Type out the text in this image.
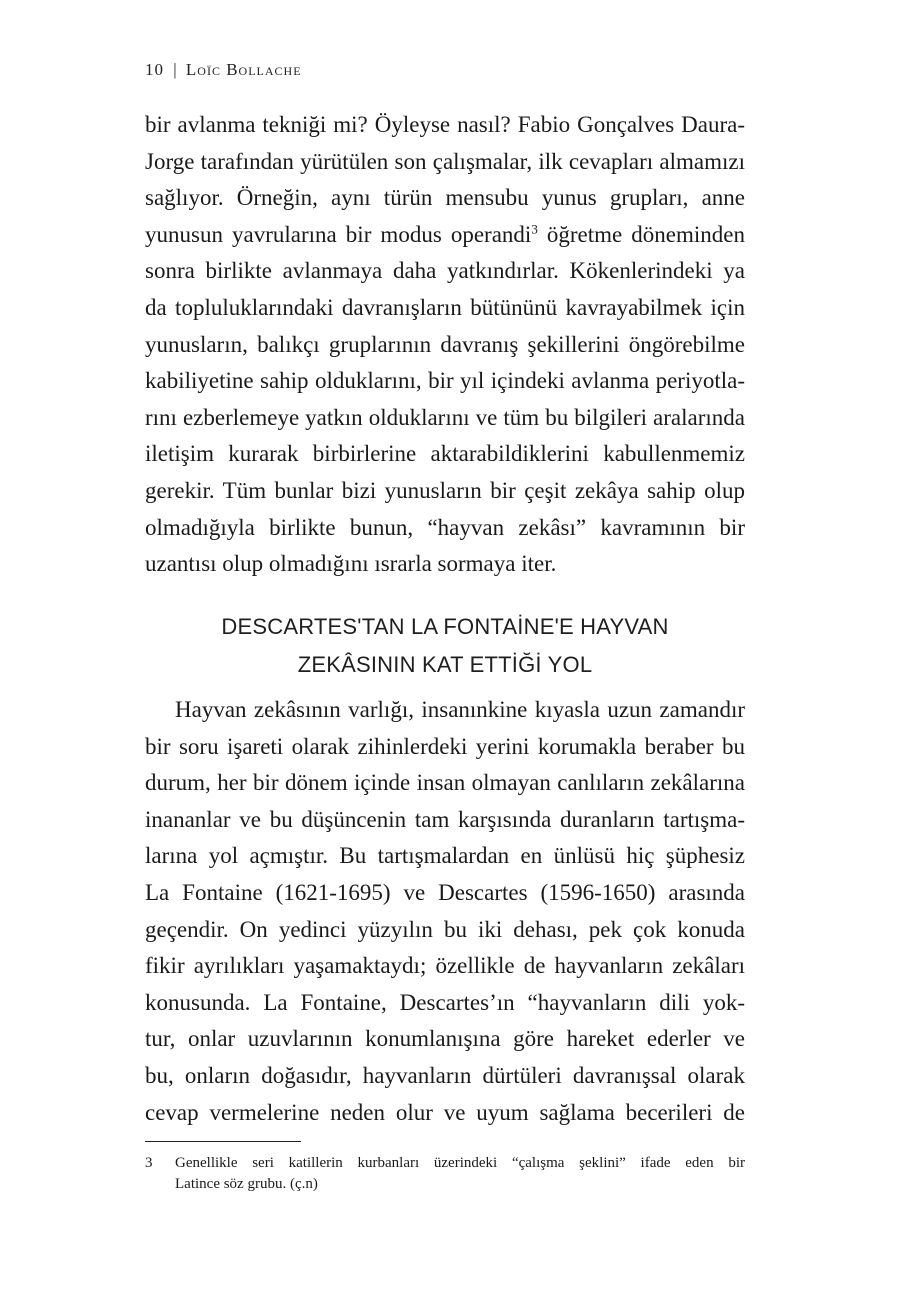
10 | Loïc Bollache
bir avlanma tekniği mi? Öyleyse nasıl? Fabio Gonçalves Daura-
Jorge tarafından yürütülen son çalışmalar, ilk cevapları almamızı
sağlıyor. Örneğin, aynı türün mensubu yunus grupları, anne
yunusun yavrularına bir modus operandi$^3$ öğretme döneminden
sonra birlikte avlanmaya daha yatkındırlar. Kökenlerindeki ya
da topluluklarındaki davranışların bütününü kavrayabilmek için
yunusların, balıkçı gruplarının davranış şekillerini öngörebilme
kabiliyetine sahip olduklarını, bir yıl içindeki avlanma periyotla-
rını ezberlemeye yatkın olduklarını ve tüm bu bilgileri aralarında
iletişim kurarak birbirlerine aktarabildiklerini kabullenmemiz
gerekir. Tüm bunlar bizi yunusların bir çeşit zekâya sahip olup
olmadığıyla birlikte bunun, “hayvan zekâsı” kavramının bir
uzantısı olup olmadığını ısrarla sormaya iter.
DESCARTES'TAN LA FONTAİNE'E HAYVAN
ZEKÂSININ KAT ETTİĞİ YOL
Hayvan zekâsının varlığı, insanınkine kıyasla uzun zamandır
bir soru işareti olarak zihinlerdeki yerini korumakla beraber bu
durum, her bir dönem içinde insan olmayan canlıların zekâlarına
inananlar ve bu düşüncenin tam karşısında duranların tartışma-
larına yol açmıştır. Bu tartışmalardan en ünlüsü hiç şüphesiz
La Fontaine (1621-1695) ve Descartes (1596-1650) arasında
geçendir. On yedinci yüzyılın bu iki dehası, pek çok konuda
fikir ayrılıkları yaşamaktaydı; özellikle de hayvanların zekâları
konusunda. La Fontaine, Descartes’ın “hayvanların dili yok-
tur, onlar uzuvlarının konumlanışına göre hareket ederler ve
bu, onların doğasıdır, hayvanların dürtüleri davranışsal olarak
cevap vermelerine neden olur ve uyum sağlama becerileri de
3 Genellikle seri katillerin kurbanları üzerindeki “çalışma şeklini” ifade eden bir
Latince söz grubu. (ç.n)
